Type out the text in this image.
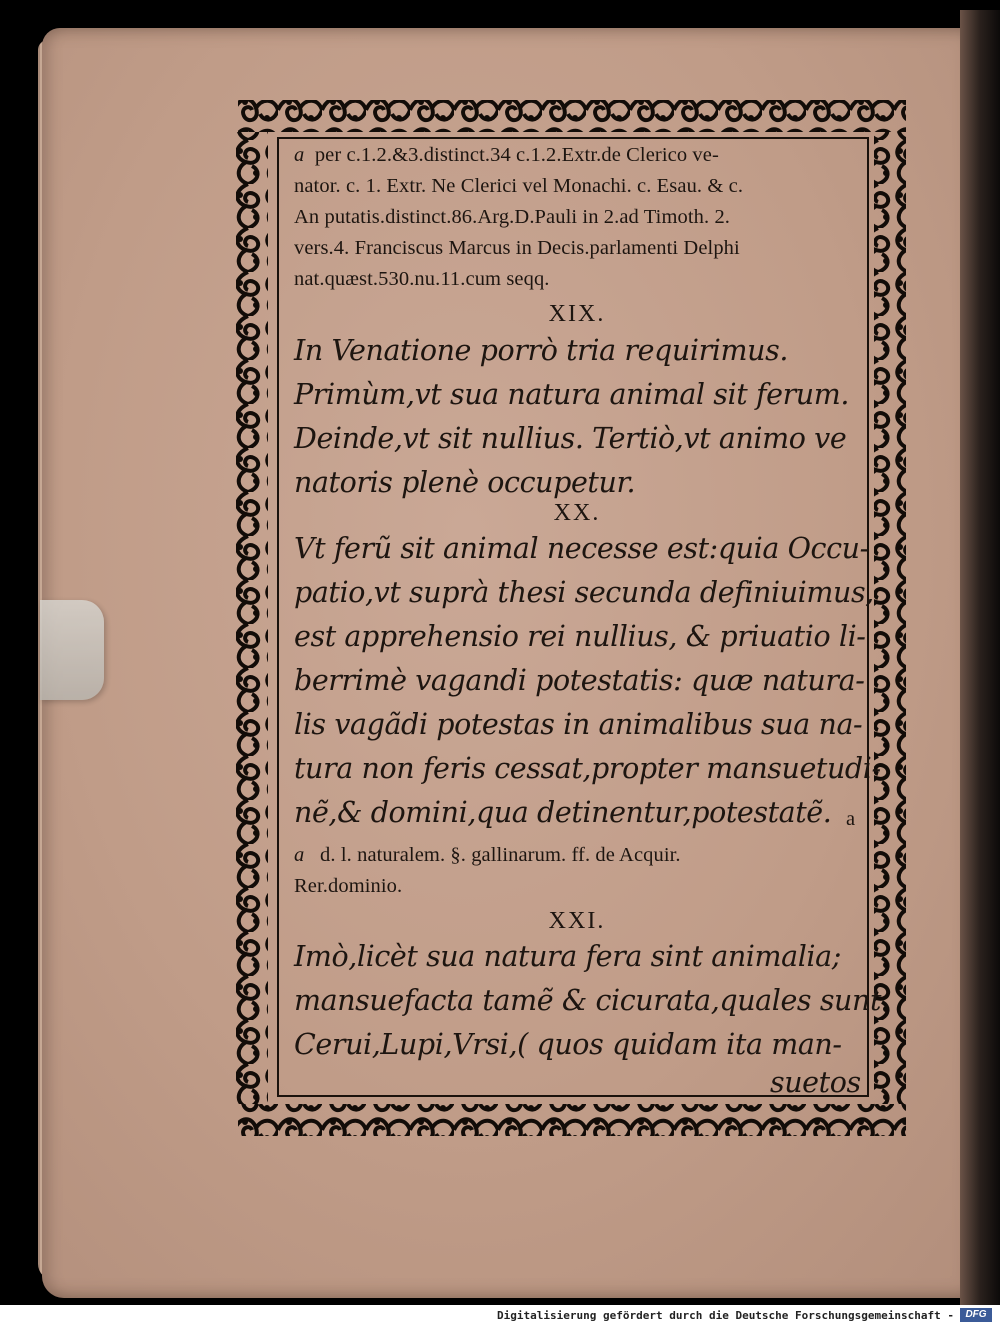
a per c.1.2.&3.distinct.34 c.1.2.Extr.de Clerico ve-
nator. c. 1. Extr. Ne Clerici vel Monachi. c. Esau. & c.
An putatis.distinct.86.Arg.D.Pauli in 2.ad Timoth. 2.
vers.4. Franciscus Marcus in Decis.parlamenti Delphi
nat.quæst.530.nu.11.cum seqq.
XIX.
In Venatione porrò tria requirimus.
Primùm,vt sua natura animal sit ferum.
Deinde,vt sit nullius. Tertiò,vt animo ve
natoris plenè occupetur.
XX.
Vt ferũ sit animal necesse est:quia Occu-
patio,vt suprà thesi secunda definiuimus,
est apprehensio rei nullius, & priuatio li-
berrimè vagandi potestatis: quæ natura-
lis vagãdi potestas in animalibus sua na-
tura non feris cessat,propter mansuetudi-
nẽ,& domini,qua detinentur,potestatẽ. a
a d. l. naturalem. §. gallinarum. ff. de Acquir.
Rer.dominio.
XXI.
Imò,licèt sua natura fera sint animalia;
mansuefacta tamẽ & cicurata,quales sunt
Cerui,Lupi,Vrsi,( quos quidam ita man-
suetos
Digitalisierung gefördert durch die Deutsche Forschungsgemeinschaft -	DFG
